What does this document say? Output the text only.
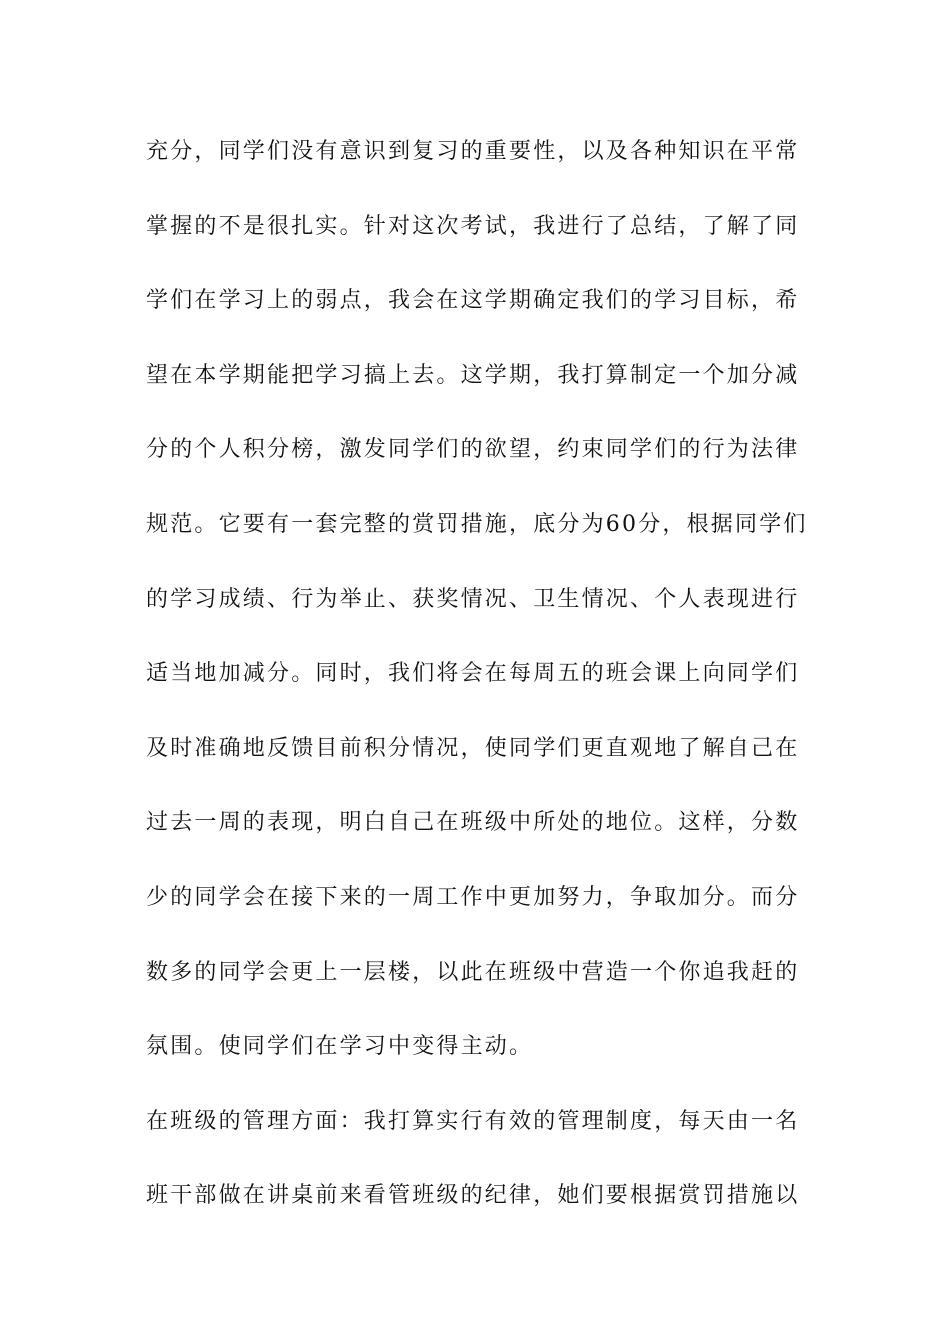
充分，同学们没有意识到复习的重要性，以及各种知识在平常
掌握的不是很扎实。针对这次考试，我进行了总结，了解了同
学们在学习上的弱点，我会在这学期确定我们的学习目标，希
望在本学期能把学习搞上去。这学期，我打算制定一个加分减
分的个人积分榜，激发同学们的欲望，约束同学们的行为法律
规范。它要有一套完整的赏罚措施，底分为60分，根据同学们
的学习成绩、行为举止、获奖情况、卫生情况、个人表现进行
适当地加减分。同时，我们将会在每周五的班会课上向同学们
及时准确地反馈目前积分情况，使同学们更直观地了解自己在
过去一周的表现，明白自己在班级中所处的地位。这样，分数
少的同学会在接下来的一周工作中更加努力，争取加分。而分
数多的同学会更上一层楼，以此在班级中营造一个你追我赶的
氛围。使同学们在学习中变得主动。
在班级的管理方面：我打算实行有效的管理制度，每天由一名
班干部做在讲桌前来看管班级的纪律，她们要根据赏罚措施以
